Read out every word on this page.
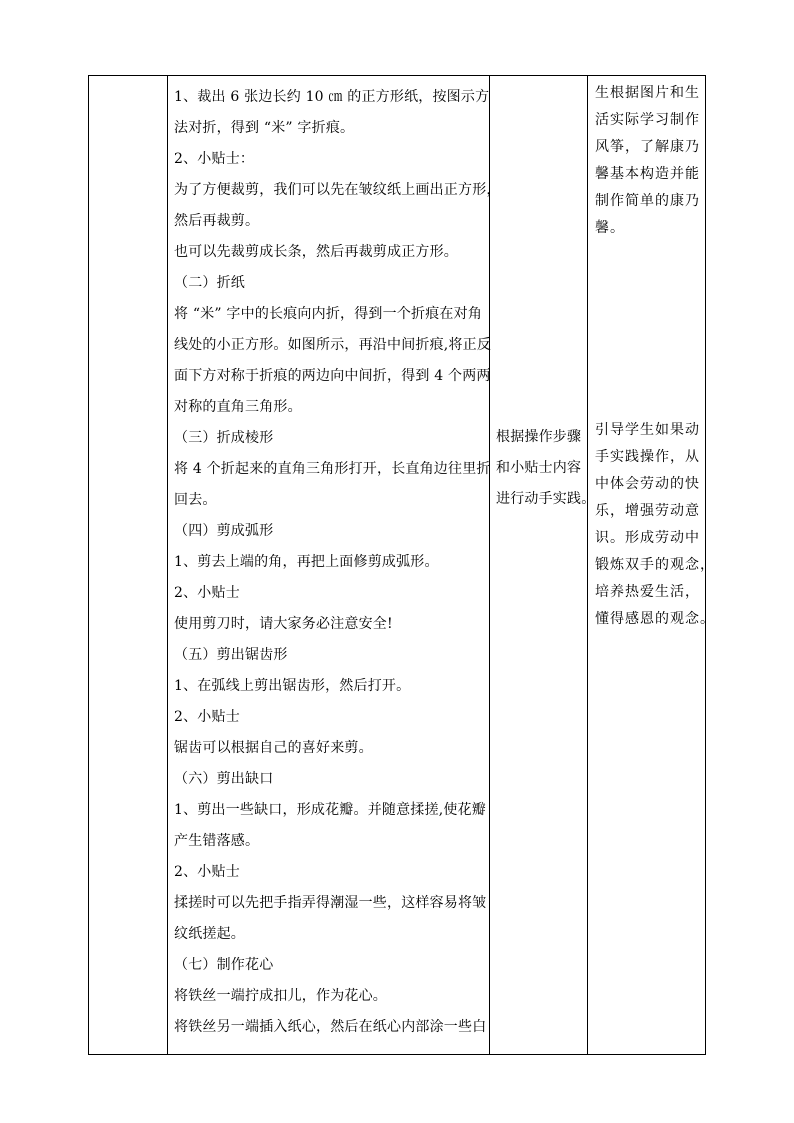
1、裁出 6 张边长约 10 ㎝ 的正方形纸，按图示方

法对折，得到 “米” 字折痕。

2、小贴士：

为了方便裁剪，我们可以先在皱纹纸上画出正方形，

然后再裁剪。

也可以先裁剪成长条，然后再裁剪成正方形。

（二）折纸

将 “米” 字中的长痕向内折，得到一个折痕在对角

线处的小正方形。如图所示，再沿中间折痕,将正反

面下方对称于折痕的两边向中间折，得到 4 个两两

对称的直角三角形。

（三）折成棱形

将 4 个折起来的直角三角形打开，长直角边往里折

回去。

（四）剪成弧形

1、剪去上端的角，再把上面修剪成弧形。

2、小贴士

使用剪刀时，请大家务必注意安全!

（五）剪出锯齿形

1、在弧线上剪出锯齿形，然后打开。

2、小贴士

锯齿可以根据自己的喜好来剪。

（六）剪出缺口

1、剪出一些缺口，形成花瓣。并随意揉搓,使花瓣

产生错落感。

2、小贴士

揉搓时可以先把手指弄得潮湿一些，这样容易将皱

纹纸搓起。

（七）制作花心

将铁丝一端拧成扣儿，作为花心。

将铁丝另一端插入纸心，然后在纸心内部涂一些白

根据操作步骤

和小贴士内容

进行动手实践。

生根据图片和生

活实际学习制作

风筝，了解康乃

馨基本构造并能

制作简单的康乃

馨。

引导学生如果动

手实践操作，从

中体会劳动的快

乐，增强劳动意

识。形成劳动中

锻炼双手的观念，

培养热爱生活，

懂得感恩的观念。
